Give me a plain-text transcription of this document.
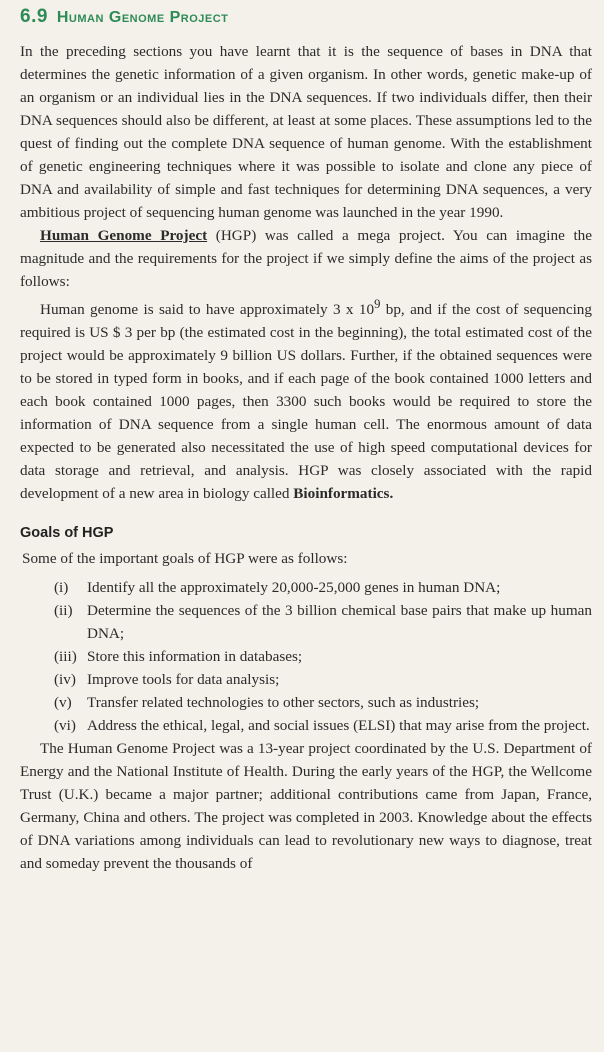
6.9 Human Genome Project

In the preceding sections you have learnt that it is the sequence of bases in DNA that determines the genetic information of a given organism. In other words, genetic make-up of an organism or an individual lies in the DNA sequences. If two individuals differ, then their DNA sequences should also be different, at least at some places. These assumptions led to the quest of finding out the complete DNA sequence of human genome. With the establishment of genetic engineering techniques where it was possible to isolate and clone any piece of DNA and availability of simple and fast techniques for determining DNA sequences, a very ambitious project of sequencing human genome was launched in the year 1990.

Human Genome Project (HGP) was called a mega project. You can imagine the magnitude and the requirements for the project if we simply define the aims of the project as follows:

Human genome is said to have approximately 3 x $10^9$ bp, and if the cost of sequencing required is US $ 3 per bp (the estimated cost in the beginning), the total estimated cost of the project would be approximately 9 billion US dollars. Further, if the obtained sequences were to be stored in typed form in books, and if each page of the book contained 1000 letters and each book contained 1000 pages, then 3300 such books would be required to store the information of DNA sequence from a single human cell. The enormous amount of data expected to be generated also necessitated the use of high speed computational devices for data storage and retrieval, and analysis. HGP was closely associated with the rapid development of a new area in biology called Bioinformatics.

Goals of HGP

Some of the important goals of HGP were as follows:

(i)	Identify all the approximately 20,000-25,000 genes in human DNA;
(ii) Determine the sequences of the 3 billion chemical base pairs that make up human DNA;
(iii) Store this information in databases;
(iv) Improve tools for data analysis;
(v)	Transfer related technologies to other sectors, such as industries;
(vi) Address the ethical, legal, and social issues (ELSI) that may arise from the project.

The Human Genome Project was a 13-year project coordinated by the U.S. Department of Energy and the National Institute of Health. During the early years of the HGP, the Wellcome Trust (U.K.) became a major partner; additional contributions came from Japan, France, Germany, China and others. The project was completed in 2003. Knowledge about the effects of DNA variations among individuals can lead to revolutionary new ways to diagnose, treat and someday prevent the thousands of
